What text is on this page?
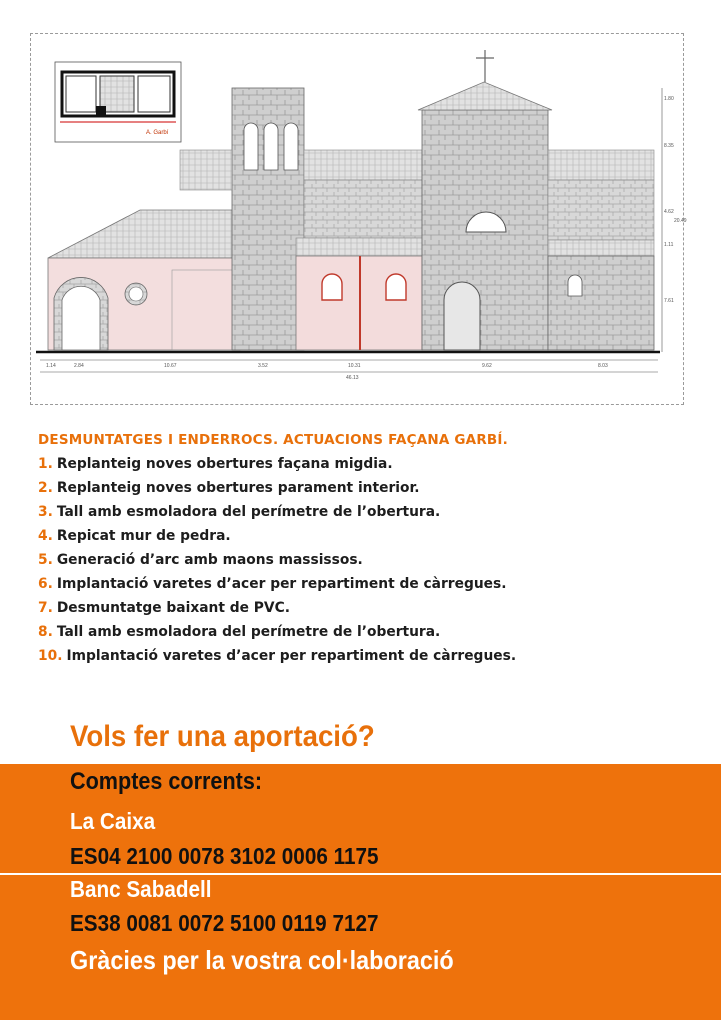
A. Garbí
1.80
8.35
4.62
20.49
1.11
7.61
1.14	2.84	10.67	3.52	10.31	9.62	8.03
46.13
DESMUNTATGES I ENDERROCS. ACTUACIONS FAÇANA GARBÍ.
1. Replanteig noves obertures façana migdia.
2. Replanteig noves obertures parament interior.
3. Tall amb esmoladora del perímetre de l’obertura.
4. Repicat mur de pedra.
5. Generació d’arc amb maons massissos.
6. Implantació varetes d’acer per repartiment de càrregues.
7. Desmuntatge baixant de PVC.
8. Tall amb esmoladora del perímetre de l’obertura.
10. Implantació varetes d’acer per repartiment de càrregues.
Vols fer una aportació?
Comptes corrents:
La Caixa
ES04 2100 0078 3102 0006 1175
Banc Sabadell
ES38 0081 0072 5100 0119 7127
Gràcies per la vostra col·laboració
